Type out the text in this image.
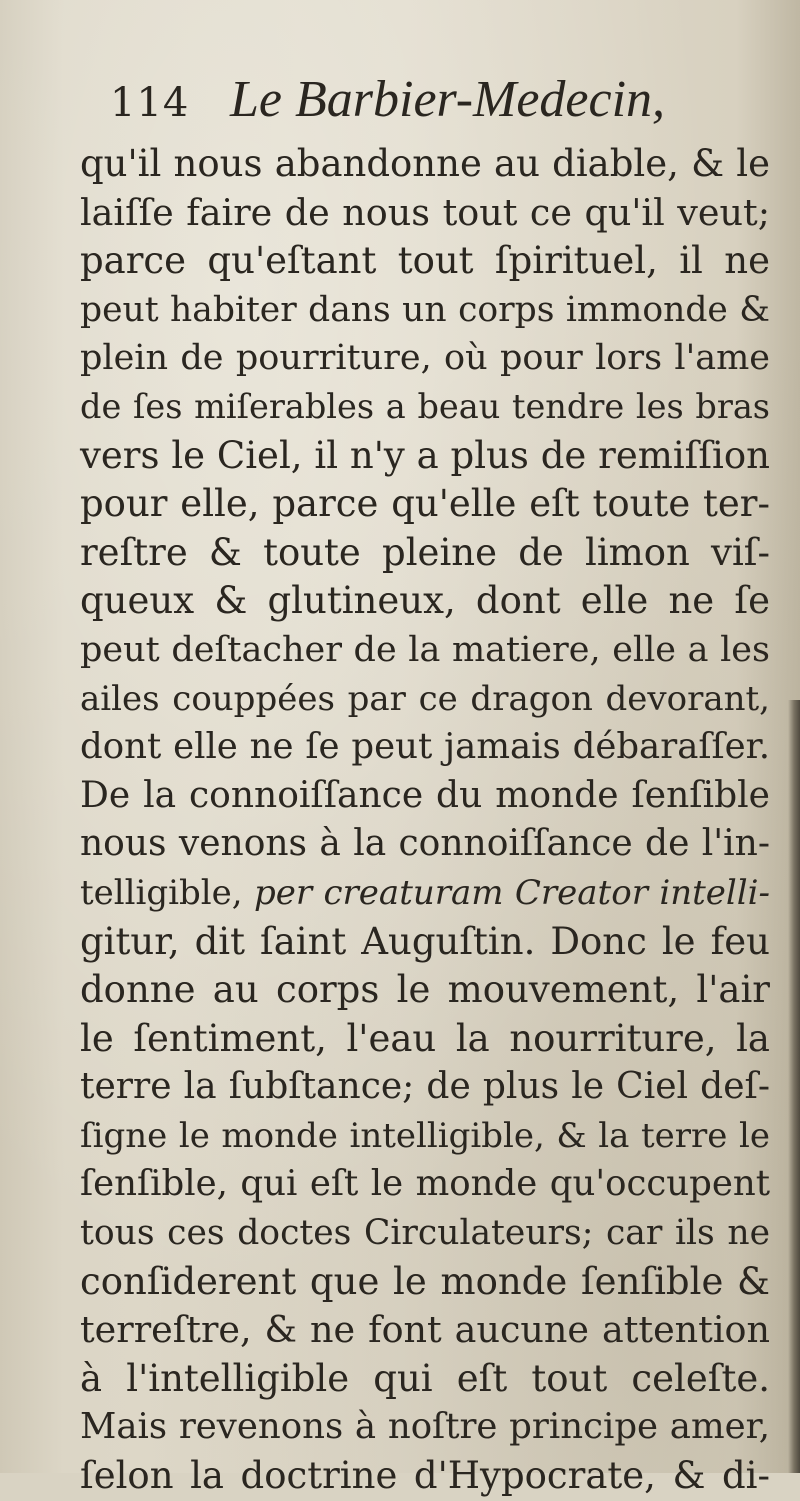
114 Le Barbier-Medecin,
qu'il nous abandonne au diable, & le
laiſſe faire de nous tout ce qu'il veut;
parce qu'eſtant tout ſpirituel, il ne
peut habiter dans un corps immonde &
plein de pourriture, où pour lors l'ame
de ſes miſerables a beau tendre les bras
vers le Ciel, il n'y a plus de remiſſion
pour elle, parce qu'elle eſt toute ter-
reſtre & toute pleine de limon viſ-
queux & glutineux, dont elle ne ſe
peut deſtacher de la matiere, elle a les
ailes couppées par ce dragon devorant,
dont elle ne ſe peut jamais débaraſſer.
De la connoiſſance du monde ſenſible
nous venons à la connoiſſance de l'in-
telligible, per creaturam Creator intelli-
gitur, dit ſaint Auguſtin. Donc le feu
donne au corps le mouvement, l'air
le ſentiment, l'eau la nourriture, la
terre la ſubſtance; de plus le Ciel deſ-
ſigne le monde intelligible, & la terre le
ſenſible, qui eſt le monde qu'occupent
tous ces doctes Circulateurs; car ils ne
conſiderent que le monde ſenſible &
terreſtre, & ne font aucune attention
à l'intelligible qui eſt tout celeſte.
Mais revenons à noſtre principe amer,
ſelon la doctrine d'Hypocrate, & di-
